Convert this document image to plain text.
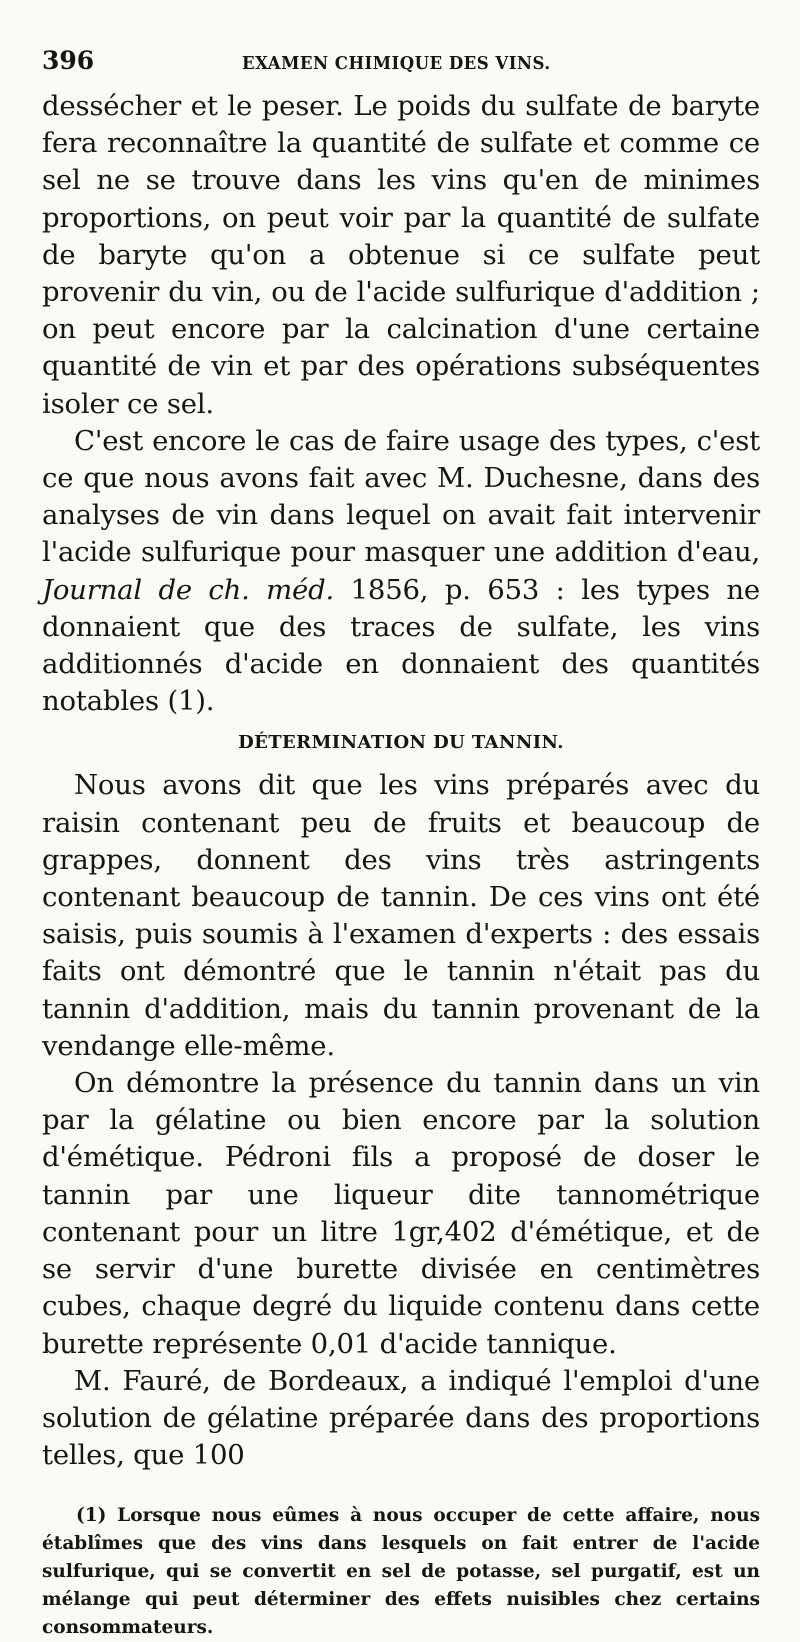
396	EXAMEN CHIMIQUE DES VINS.

dessécher et le peser. Le poids du sulfate de baryte fera reconnaître la quantité de sulfate et comme ce sel ne se trouve dans les vins qu'en de minimes proportions, on peut voir par la quantité de sulfate de baryte qu'on a obtenue si ce sulfate peut provenir du vin, ou de l'acide sulfurique d'addition ; on peut encore par la calcination d'une certaine quantité de vin et par des opérations subséquentes isoler ce sel.

C'est encore le cas de faire usage des types, c'est ce que nous avons fait avec M. Duchesne, dans des analyses de vin dans lequel on avait fait intervenir l'acide sulfurique pour masquer une addition d'eau, Journal de ch. méd. 1856, p. 653 : les types ne donnaient que des traces de sulfate, les vins additionnés d'acide en donnaient des quantités notables (1).

DÉTERMINATION DU TANNIN.

Nous avons dit que les vins préparés avec du raisin contenant peu de fruits et beaucoup de grappes, donnent des vins très astringents contenant beaucoup de tannin. De ces vins ont été saisis, puis soumis à l'examen d'experts : des essais faits ont démontré que le tannin n'était pas du tannin d'addition, mais du tannin provenant de la vendange elle-même.

On démontre la présence du tannin dans un vin par la gélatine ou bien encore par la solution d'émétique. Pédroni fils a proposé de doser le tannin par une liqueur dite tannométrique contenant pour un litre 1gr,402 d'émétique, et de se servir d'une burette divisée en centimètres cubes, chaque degré du liquide contenu dans cette burette représente 0,01 d'acide tannique.

M. Fauré, de Bordeaux, a indiqué l'emploi d'une solution de gélatine préparée dans des proportions telles, que 100

(1) Lorsque nous eûmes à nous occuper de cette affaire, nous établîmes que des vins dans lesquels on fait entrer de l'acide sulfurique, qui se convertit en sel de potasse, sel purgatif, est un mélange qui peut déterminer des effets nuisibles chez certains consommateurs.
